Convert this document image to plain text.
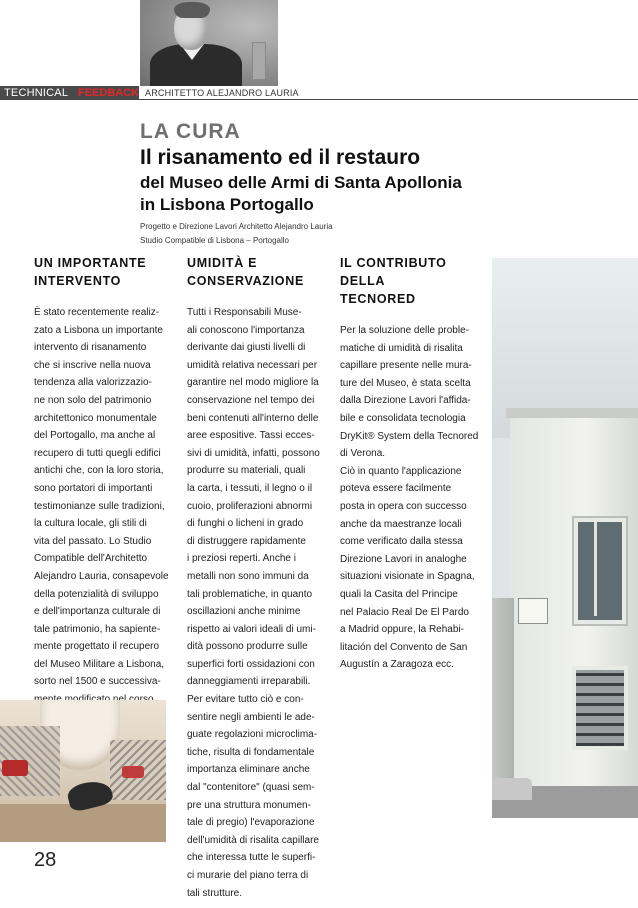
TECHNICAL FEEDBACK ARCHITETTO ALEJANDRO LAURIA

LA CURA

Il risanamento ed il restauro

del Museo delle Armi di Santa Apollonia

in Lisbona Portogallo

Progetto e Direzione Lavori Architetto Alejandro Lauria

Studio Compatible di Lisbona – Portogallo

UN IMPORTANTE
INTERVENTO

È stato recentemente realiz-
zato a Lisbona un importante
intervento di risanamento
che si inscrive nella nuova
tendenza alla valorizzazio-
ne non solo del patrimonio
architettonico monumentale
del Portogallo, ma anche al
recupero di tutti quegli edifici
antichi che, con la loro storia,
sono portatori di importanti
testimonianze sulle tradizioni,
la cultura locale, gli stili di
vita del passato. Lo Studio
Compatible dell'Architetto
Alejandro Lauria, consapevole
della potenzialità di sviluppo
e dell'importanza culturale di
tale patrimonio, ha sapiente-
mente progettato il recupero
del Museo Militare a Lisbona,
sorto nel 1500 e successiva-

UMIDITÀ E
CONSERVAZIONE

Tutti i Responsabili Muse-
ali conoscono l'importanza
derivante dai giusti livelli di
umidità relativa necessari per
garantire nel modo migliore la
conservazione nel tempo dei
beni contenuti all'interno delle
aree espositive. Tassi ecces-
sivi di umidità, infatti, possono
produrre su materiali, quali
la carta, i tessuti, il legno o il
cuoio, proliferazioni abnormi
di funghi o licheni in grado
di distruggere rapidamente
i preziosi reperti. Anche i
metalli non sono immuni da
tali problematiche, in quanto
oscillazioni anche minime
rispetto ai valori ideali di umi-
dità possono produrre sulle
superfici forti ossidazioni con
danneggiamenti irreparabili.
Per evitare tutto ciò e con-
sentire negli ambienti le ade-
guate regolazioni microclima-
tiche, risulta di fondamentale
importanza eliminare anche
dal "contenitore" (quasi sem-
pre una struttura monumen-
tale di pregio) l'evaporazione
dell'umidità di risalita capillare
che interessa tutte le superfi-
ci murarie del piano terra di
tali strutture.

IL CONTRIBUTO DELLA
TECNORED

Per la soluzione delle proble-
matiche di umidità di risalita
capillare presente nelle mura-
ture del Museo, è stata scelta
dalla Direzione Lavori l'affida-
bile e consolidata tecnologia
DryKit® System della Tecnored
di Verona.
Ciò in quanto l'applicazione
poteva essere facilmente
posta in opera con successo
anche da maestranze locali
come verificato dalla stessa
Direzione Lavori in analoghe
situazioni visionate in Spagna,
quali la Casita del Principe
nel Palacio Real De El Pardo
a Madrid oppure, la Rehabi-
litación del Convento de San
Augustín a Zaragoza ecc.

28
